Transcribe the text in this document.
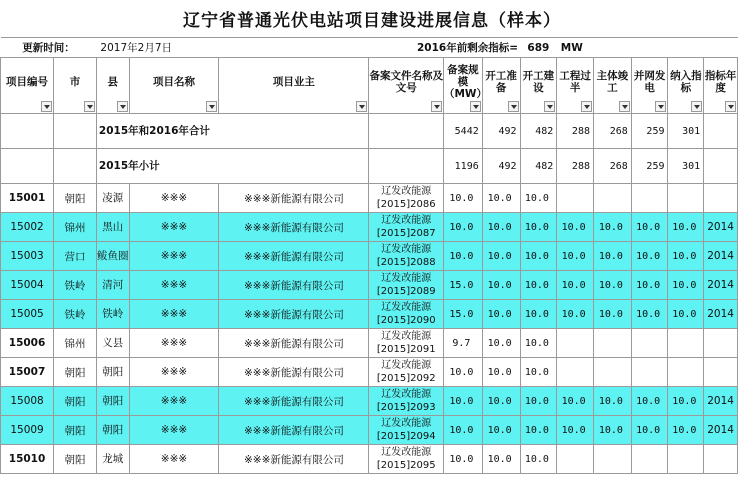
辽宁省普通光伏电站项目建设进展信息（样本）
更新时间：		2017年2月7日			2016年前剩余指标=			689	MW				

项目编号	市	县	项目名称	项目业主	备案文件名称及文号	备案规模（MW）	开工准备	开工建设	工程过半	主体竣工	并网发电	纳入指标	指标年度

		2015年和2016年合计				5442	492	482	288	268	259	301	
		2015年小计				1196	492	482	288	268	259	301	
15001	朝阳	凌源	※※※	※※※新能源有限公司	辽发改能源
[2015]2086	10.0	10.0	10.0					
15002	锦州	黑山	※※※	※※※新能源有限公司	辽发改能源
[2015]2087	10.0	10.0	10.0	10.0	10.0	10.0	10.0	2014
15003	营口	鲅鱼圈	※※※	※※※新能源有限公司	辽发改能源
[2015]2088	10.0	10.0	10.0	10.0	10.0	10.0	10.0	2014
15004	铁岭	清河	※※※	※※※新能源有限公司	辽发改能源
[2015]2089	15.0	10.0	10.0	10.0	10.0	10.0	10.0	2014
15005	铁岭	铁岭	※※※	※※※新能源有限公司	辽发改能源
[2015]2090	15.0	10.0	10.0	10.0	10.0	10.0	10.0	2014
15006	锦州	义县	※※※	※※※新能源有限公司	辽发改能源
[2015]2091	9.7	10.0	10.0					
15007	朝阳	朝阳	※※※	※※※新能源有限公司	辽发改能源
[2015]2092	10.0	10.0	10.0					
15008	朝阳	朝阳	※※※	※※※新能源有限公司	辽发改能源
[2015]2093	10.0	10.0	10.0	10.0	10.0	10.0	10.0	2014
15009	朝阳	朝阳	※※※	※※※新能源有限公司	辽发改能源
[2015]2094	10.0	10.0	10.0	10.0	10.0	10.0	10.0	2014
15010	朝阳	龙城	※※※	※※※新能源有限公司	辽发改能源
[2015]2095	10.0	10.0	10.0					
